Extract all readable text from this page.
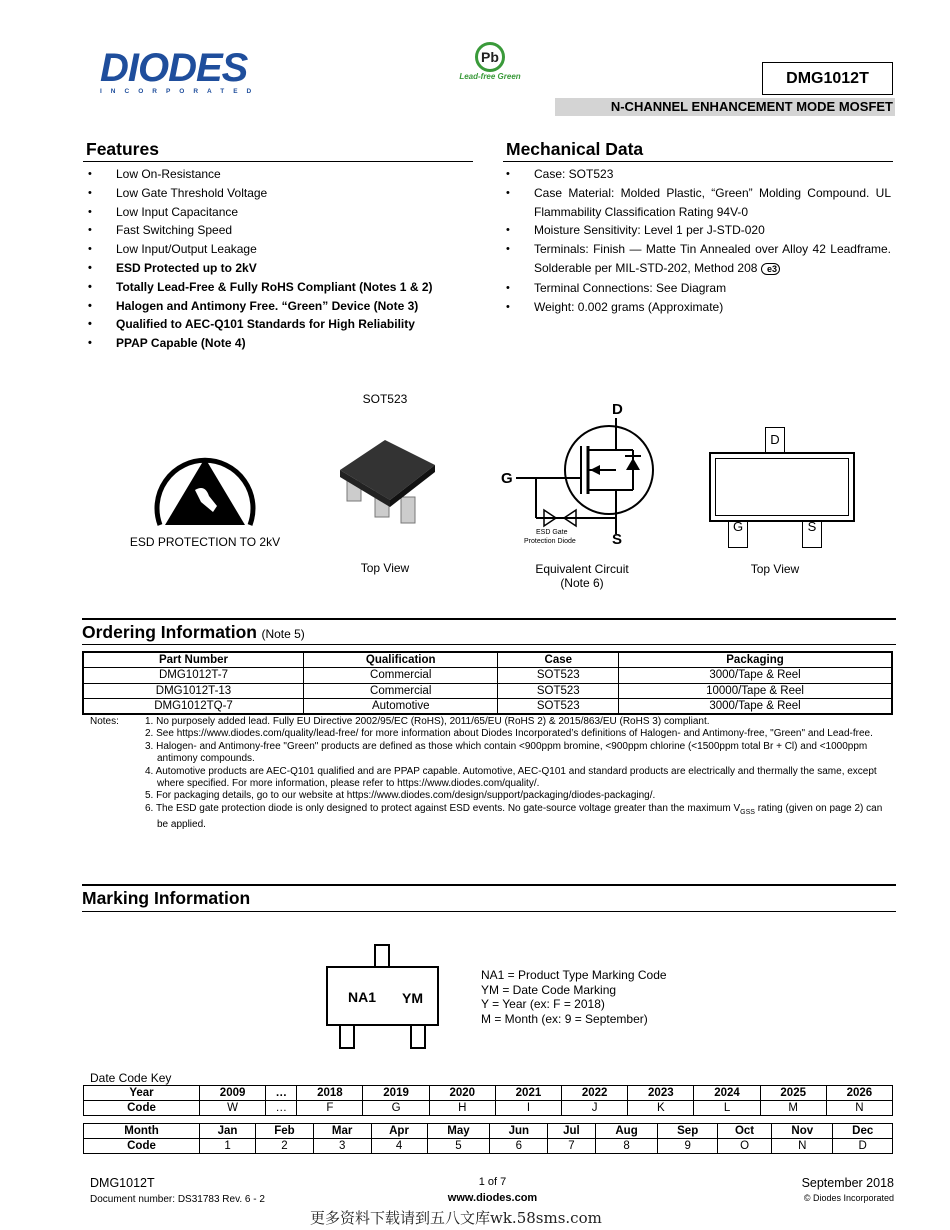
DIODES
INCORPORATED
Pb
Lead-free Green	DMG1012T
N-CHANNEL ENHANCEMENT MODE MOSFET
Features
• Low On-Resistance
• Low Gate Threshold Voltage
• Low Input Capacitance
• Fast Switching Speed
• Low Input/Output Leakage
• ESD Protected up to 2kV
• Totally Lead-Free & Fully RoHS Compliant (Notes 1 & 2)
• Halogen and Antimony Free. “Green” Device (Note 3)
• Qualified to AEC-Q101 Standards for High Reliability
• PPAP Capable (Note 4)
Mechanical Data
• Case: SOT523
• Case Material: Molded Plastic, “Green” Molding Compound. UL Flammability Classification Rating 94V-0
• Moisture Sensitivity: Level 1 per J-STD-020
• Terminals: Finish — Matte Tin Annealed over Alloy 42 Leadframe. Solderable per MIL-STD-202, Method 208 e3
• Terminal Connections: See Diagram
• Weight: 0.002 grams (Approximate)
ESD PROTECTION TO 2kV
SOT523
Top View
D
G
S
ESD Gate
Protection Diode
Equivalent Circuit
(Note 6)
D
G	S
Top View
Ordering Information (Note 5)
Part Number	Qualification	Case	Packaging
DMG1012T-7	Commercial	SOT523	3000/Tape & Reel
DMG1012T-13	Commercial	SOT523	10000/Tape & Reel
DMG1012TQ-7	Automotive	SOT523	3000/Tape & Reel
Notes:	1. No purposely added lead. Fully EU Directive 2002/95/EC (RoHS), 2011/65/EU (RoHS 2) & 2015/863/EU (RoHS 3) compliant.
2. See https://www.diodes.com/quality/lead-free/ for more information about Diodes Incorporated’s definitions of Halogen- and Antimony-free, "Green" and Lead-free.
3. Halogen- and Antimony-free "Green" products are defined as those which contain <900ppm bromine, <900ppm chlorine (<1500ppm total Br + Cl) and <1000ppm antimony compounds.
4. Automotive products are AEC-Q101 qualified and are PPAP capable. Automotive, AEC-Q101 and standard products are electrically and thermally the same, except where specified. For more information, please refer to https://www.diodes.com/quality/.
5. For packaging details, go to our website at https://www.diodes.com/design/support/packaging/diodes-packaging/.
6. The ESD gate protection diode is only designed to protect against ESD events. No gate-source voltage greater than the maximum $V_{GSS}$ rating (given on page 2) can be applied.
Marking Information
NA1 YM
NA1 = Product Type Marking Code
YM = Date Code Marking
Y = Year (ex: F = 2018)
M = Month (ex: 9 = September)
Date Code Key
Year	2009	…	2018	2019	2020	2021	2022	2023	2024	2025	2026
Code	W	…	F	G	H	I	J	K	L	M	N
Month	Jan	Feb	Mar	Apr	May	Jun	Jul	Aug	Sep	Oct	Nov	Dec
Code	1	2	3	4	5	6	7	8	9	O	N	D
DMG1012T
Document number: DS31783 Rev. 6 - 2
1 of 7
www.diodes.com
更多资料下载请到五八文库wk.58sms.com
September 2018
© Diodes Incorporated
